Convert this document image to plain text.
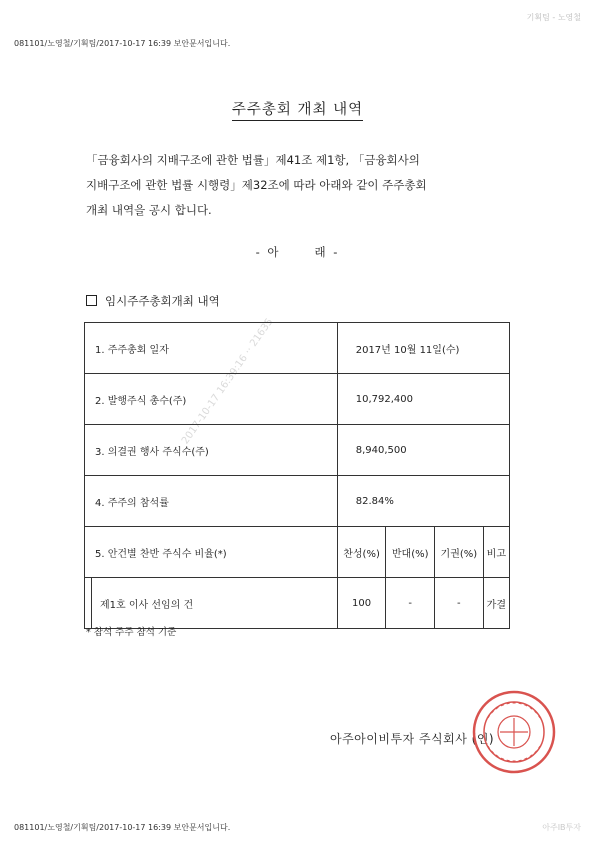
기획팀 - 노영철
081101/노영철/기획팀/2017-10-17 16:39 보안문서입니다.
주주총회 개최 내역

「금융회사의 지배구조에 관한 법률」제41조 제1항, 「금융회사의

지배구조에 관한 법률 시행령」제32조에 따라 아래와 같이 주주총회

개최 내역을 공시 합니다.

- 아      래 -
임시주주총회개최 내역
2017-10-17 16:39:16 ·· 21635
1. 주주총회 일자		2017년 10월 11일(수)			
2. 발행주식 총수(주)		10,792,400			
3. 의결권 행사 주식수(주)		8,940,500			
4. 주주의 참석률		82.84%			
5. 안건별 찬반 주식수 비율(*)		찬성(%)	반대(%)	기권(%)	비고
	제1호 이사 선임의 건	100	-	-	가결
* 참석 주주 참석 기준
아주아이비투자 주식회사 (인)
081101/노영철/기획팀/2017-10-17 16:39 보안문서입니다.	아주IB투자
